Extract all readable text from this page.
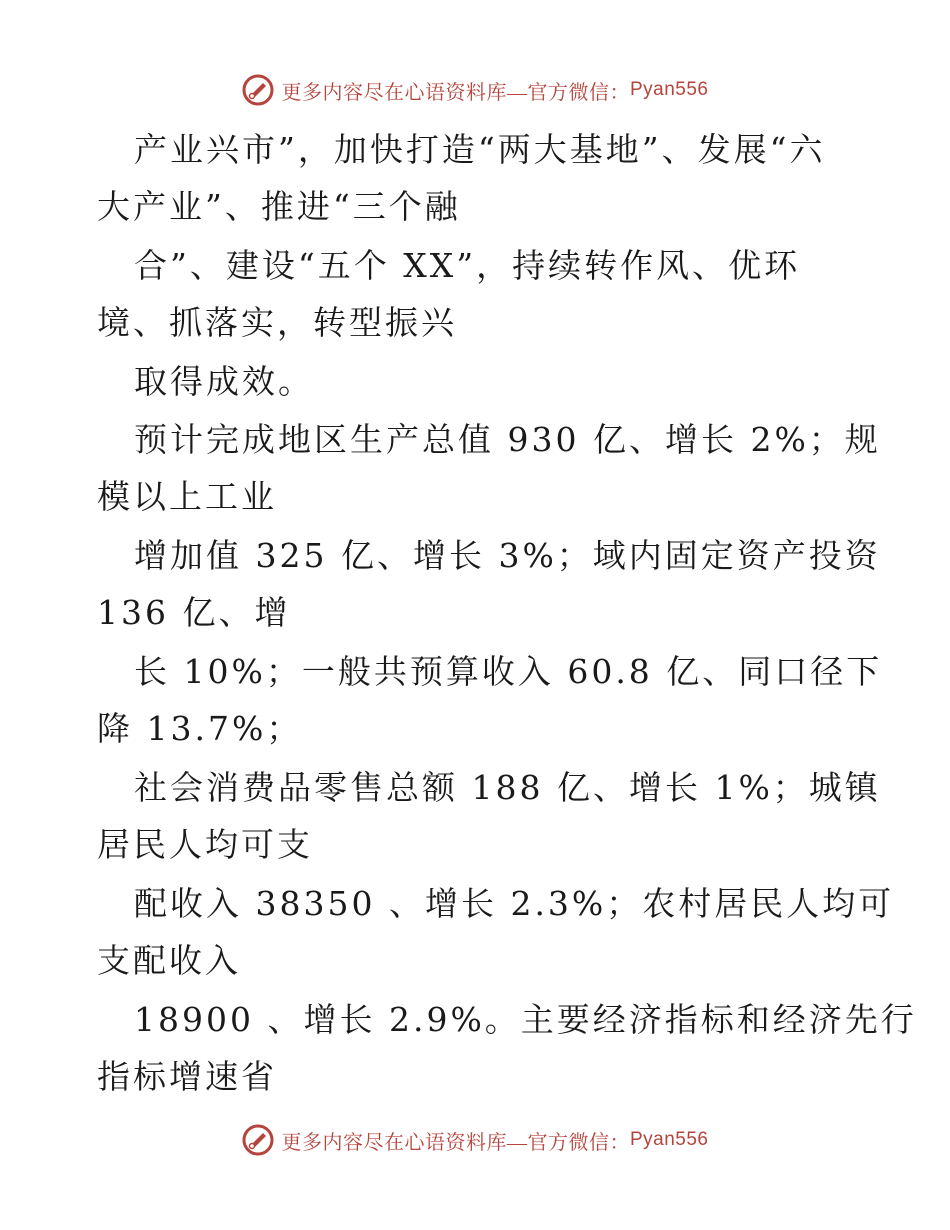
更多内容尽在心语资料库—官方微信： Pyan556
产业兴市”，加快打造“两大基地”、发展“六
大产业”、推进“三个融
合”、建设“五个 XX”，持续转作风、优环
境、抓落实，转型振兴
取得成效。
预计完成地区生产总值 930 亿、增长 2%；规
模以上工业
增加值 325 亿、增长 3%；域内固定资产投资
136 亿、增
长 10%；一般共预算收入 60.8 亿、同口径下
降 13.7%；
社会消费品零售总额 188 亿、增长 1%；城镇
居民人均可支
配收入 38350 、增长 2.3%；农村居民人均可
支配收入
18900 、增长 2.9%。主要经济指标和经济先行
指标增速省
更多内容尽在心语资料库—官方微信： Pyan556
